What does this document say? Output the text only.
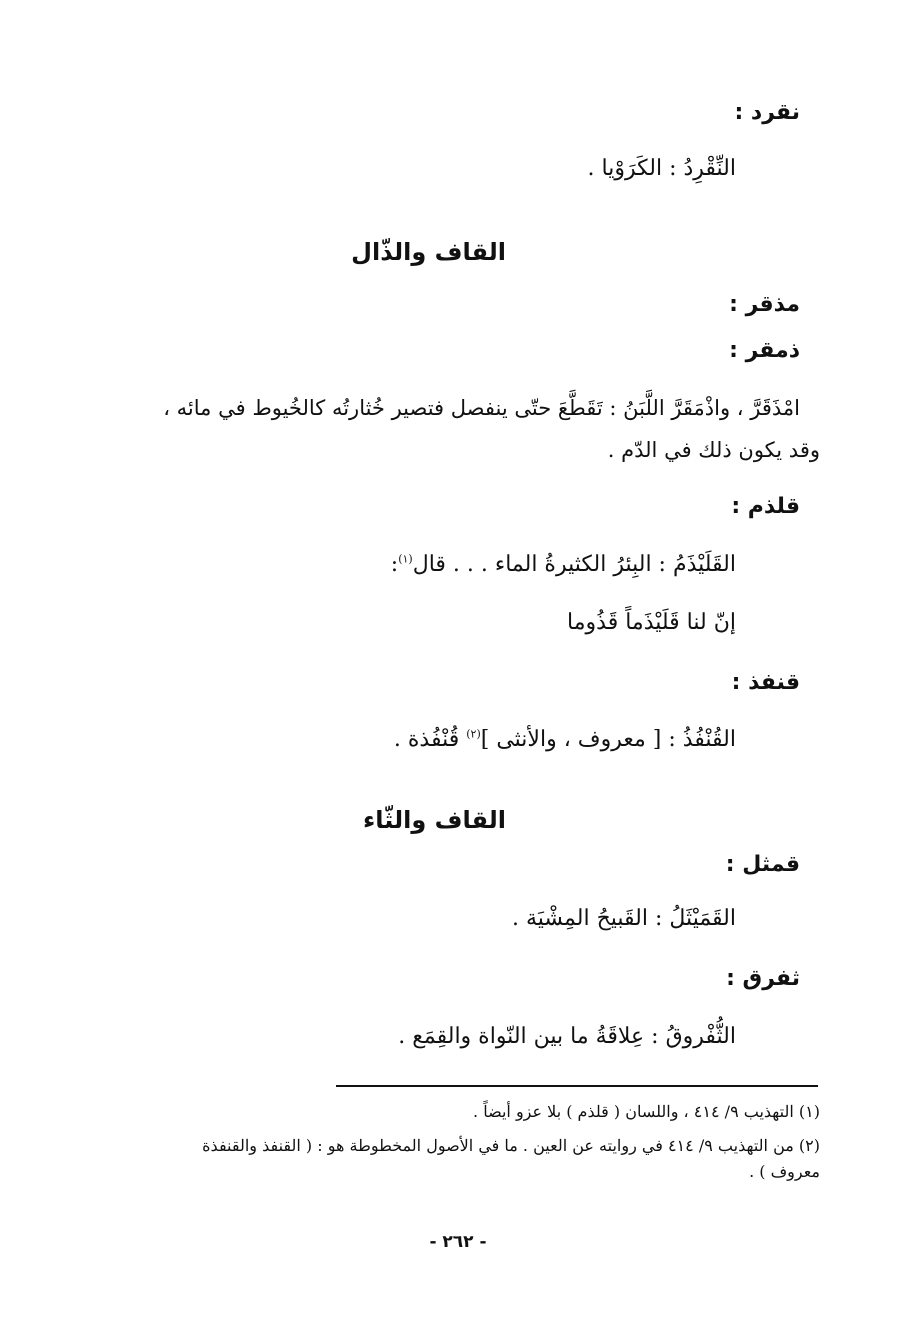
نقرد :
النِّقْرِدُ : الكَرَوْيا .
القاف والذّال
مذقر :
ذمقر :
امْذَقَرَّ ، واذْمَقَرَّ اللَّبَنُ : تَقَطَّعَ حتّى ينفصل فتصير خُثارتُه كالخُيوط في مائه ،
وقد يكون ذلك في الدّم .
قلذم :
القَلَيْذَمُ : البِئرُ الكثيرةُ الماء . . . قال$^{(١)}$:
إنّ لنا قَلَيْذَماً قَذُوما
قنفذ :
القُنْفُذُ : [ معروف ، والأنثى ]$^{(٢)}$ قُنْفُذة .
القاف والثّاء
قمثل :
القَمَيْثَلُ : القَبيحُ المِشْيَة .
ثفرق :
الثُّفْروقُ : عِلاقَةُ ما بين النّواة والقِمَع .
(١) التهذيب ٩/ ٤١٤ ، واللسان ( قلذم ) بلا عزو أيضاً .
(٢) من التهذيب ٩/ ٤١٤ في روايته عن العين . ما في الأصول المخطوطة هو : ( القنفذ والقنفذة
معروف ) .
- ٢٦٢ -
